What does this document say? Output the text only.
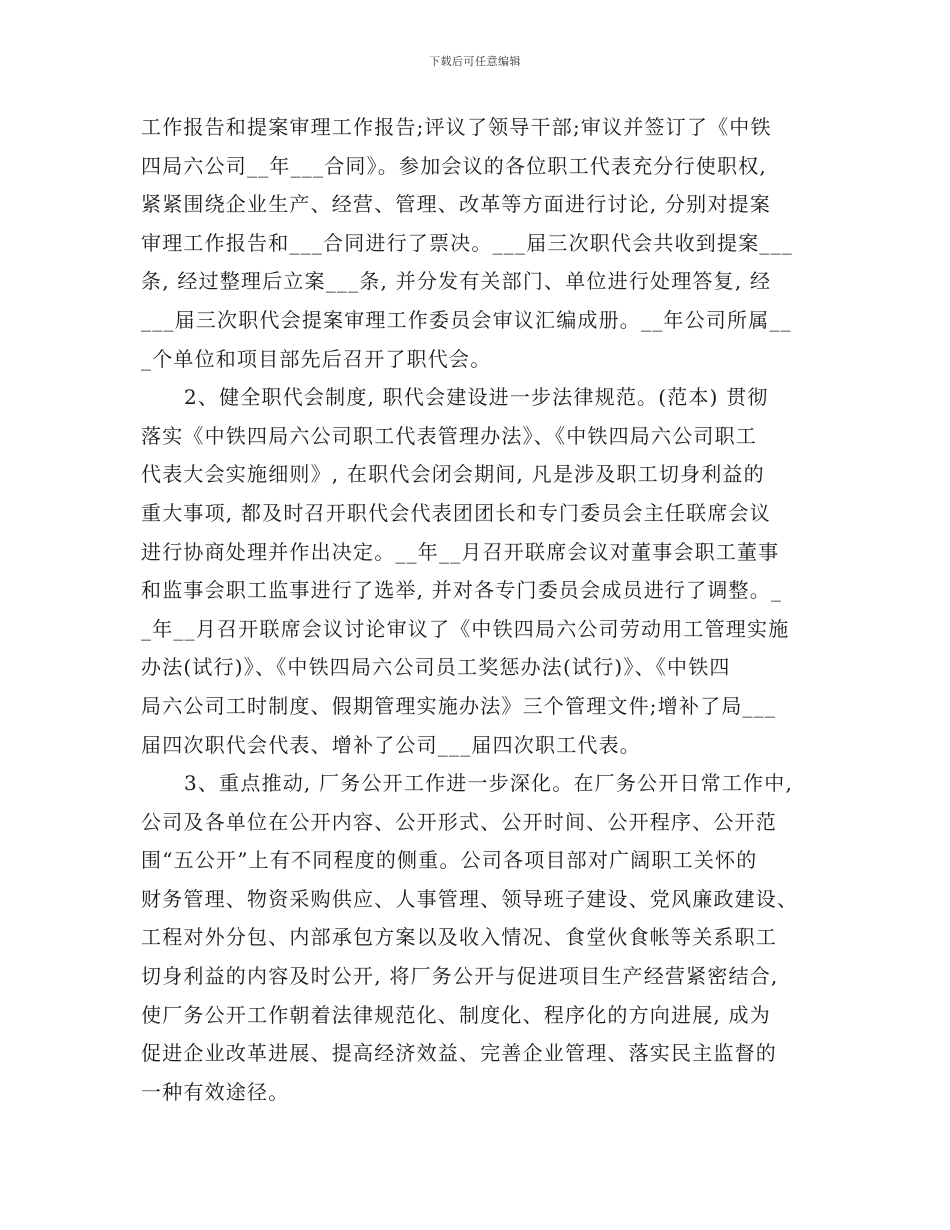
下载后可任意编辑
工作报告和提案审理工作报告;评议了领导干部;审议并签订了《中铁
四局六公司__年___合同》。参加会议的各位职工代表充分行使职权,
紧紧围绕企业生产、经营、管理、改革等方面进行讨论, 分别对提案
审理工作报告和___合同进行了票决。___届三次职代会共收到提案___
条, 经过整理后立案___条, 并分发有关部门、单位进行处理答复, 经
___届三次职代会提案审理工作委员会审议汇编成册。__年公司所属__
_个单位和项目部先后召开了职代会。
2、健全职代会制度, 职代会建设进一步法律规范。(范本) 贯彻
落实《中铁四局六公司职工代表管理办法》、《中铁四局六公司职工
代表大会实施细则》, 在职代会闭会期间, 凡是涉及职工切身利益的
重大事项, 都及时召开职代会代表团团长和专门委员会主任联席会议
进行协商处理并作出决定。__年__月召开联席会议对董事会职工董事
和监事会职工监事进行了选举, 并对各专门委员会成员进行了调整。_
_年__月召开联席会议讨论审议了《中铁四局六公司劳动用工管理实施
办法(试行)》、《中铁四局六公司员工奖惩办法(试行)》、《中铁四
局六公司工时制度、假期管理实施办法》三个管理文件;增补了局___
届四次职代会代表、增补了公司___届四次职工代表。
3、重点推动, 厂务公开工作进一步深化。在厂务公开日常工作中,
公司及各单位在公开内容、公开形式、公开时间、公开程序、公开范
围“五公开”上有不同程度的侧重。公司各项目部对广阔职工关怀的
财务管理、物资采购供应、人事管理、领导班子建设、党风廉政建设、
工程对外分包、内部承包方案以及收入情况、食堂伙食帐等关系职工
切身利益的内容及时公开, 将厂务公开与促进项目生产经营紧密结合,
使厂务公开工作朝着法律规范化、制度化、程序化的方向进展, 成为
促进企业改革进展、提高经济效益、完善企业管理、落实民主监督的
一种有效途径。
